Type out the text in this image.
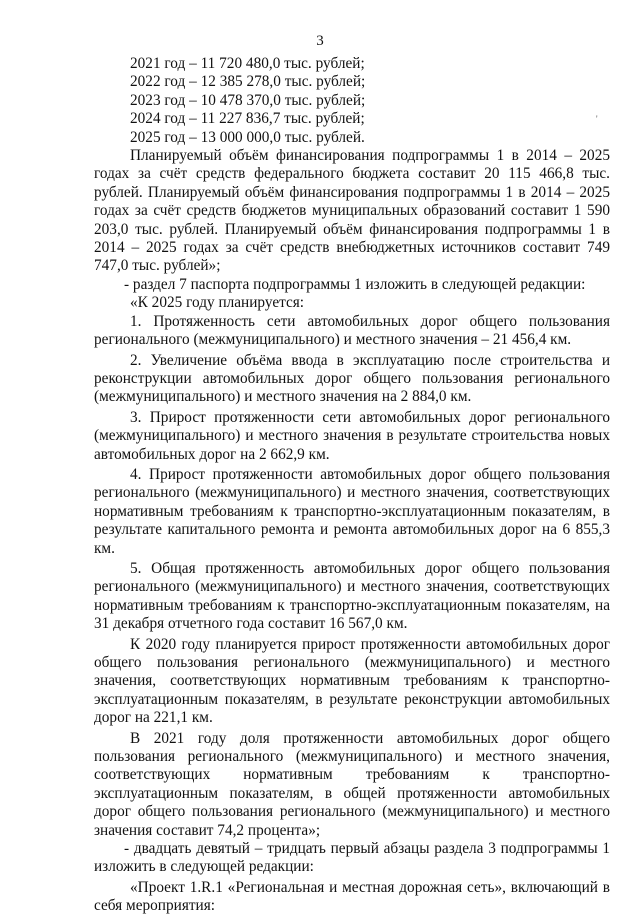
3
'
2021 год – 11 720 480,0 тыс. рублей;
2022 год – 12 385 278,0 тыс. рублей;
2023 год – 10 478 370,0 тыс. рублей;
2024 год – 11 227 836,7 тыс. рублей;
2025 год – 13 000 000,0 тыс. рублей.
Планируемый объём финансирования подпрограммы 1 в 2014 – 2025 годах за счёт средств федерального бюджета составит 20 115 466,8 тыс. рублей. Планируемый объём финансирования подпрограммы 1 в 2014 – 2025 годах за счёт средств бюджетов муниципальных образований составит 1 590 203,0 тыс. рублей. Планируемый объём финансирования подпрограммы 1 в 2014 – 2025 годах за счёт средств внебюджетных источников составит 749 747,0 тыс. рублей»;
- раздел 7 паспорта подпрограммы 1 изложить в следующей редакции:
«К 2025 году планируется:
1. Протяженность сети автомобильных дорог общего пользования регионального (межмуниципального) и местного значения – 21 456,4 км.
2. Увеличение объёма ввода в эксплуатацию после строительства и реконструкции автомобильных дорог общего пользования регионального (межмуниципального) и местного значения на 2 884,0 км.
3. Прирост протяженности сети автомобильных дорог регионального (межмуниципального) и местного значения в результате строительства новых автомобильных дорог на 2 662,9 км.
4. Прирост протяженности автомобильных дорог общего пользования регионального (межмуниципального) и местного значения, соответствующих нормативным требованиям к транспортно-эксплуатационным показателям, в результате капитального ремонта и ремонта автомобильных дорог на 6 855,3 км.
5. Общая протяженность автомобильных дорог общего пользования регионального (межмуниципального) и местного значения, соответствующих нормативным требованиям к транспортно-эксплуатационным показателям, на 31 декабря отчетного года составит 16 567,0 км.
К 2020 году планируется прирост протяженности автомобильных дорог общего пользования регионального (межмуниципального) и местного значения, соответствующих нормативным требованиям к транспортно-эксплуатационным показателям, в результате реконструкции автомобильных дорог на 221,1 км.
В 2021 году доля протяженности автомобильных дорог общего пользования регионального (межмуниципального) и местного значения, соответствующих нормативным требованиям к транспортно-эксплуатационным показателям, в общей протяженности автомобильных дорог общего пользования регионального (межмуниципального) и местного значения составит 74,2 процента»;
- двадцать девятый – тридцать первый абзацы раздела 3 подпрограммы 1 изложить в следующей редакции:
«Проект 1.R.1 «Региональная и местная дорожная сеть», включающий в себя мероприятия:
